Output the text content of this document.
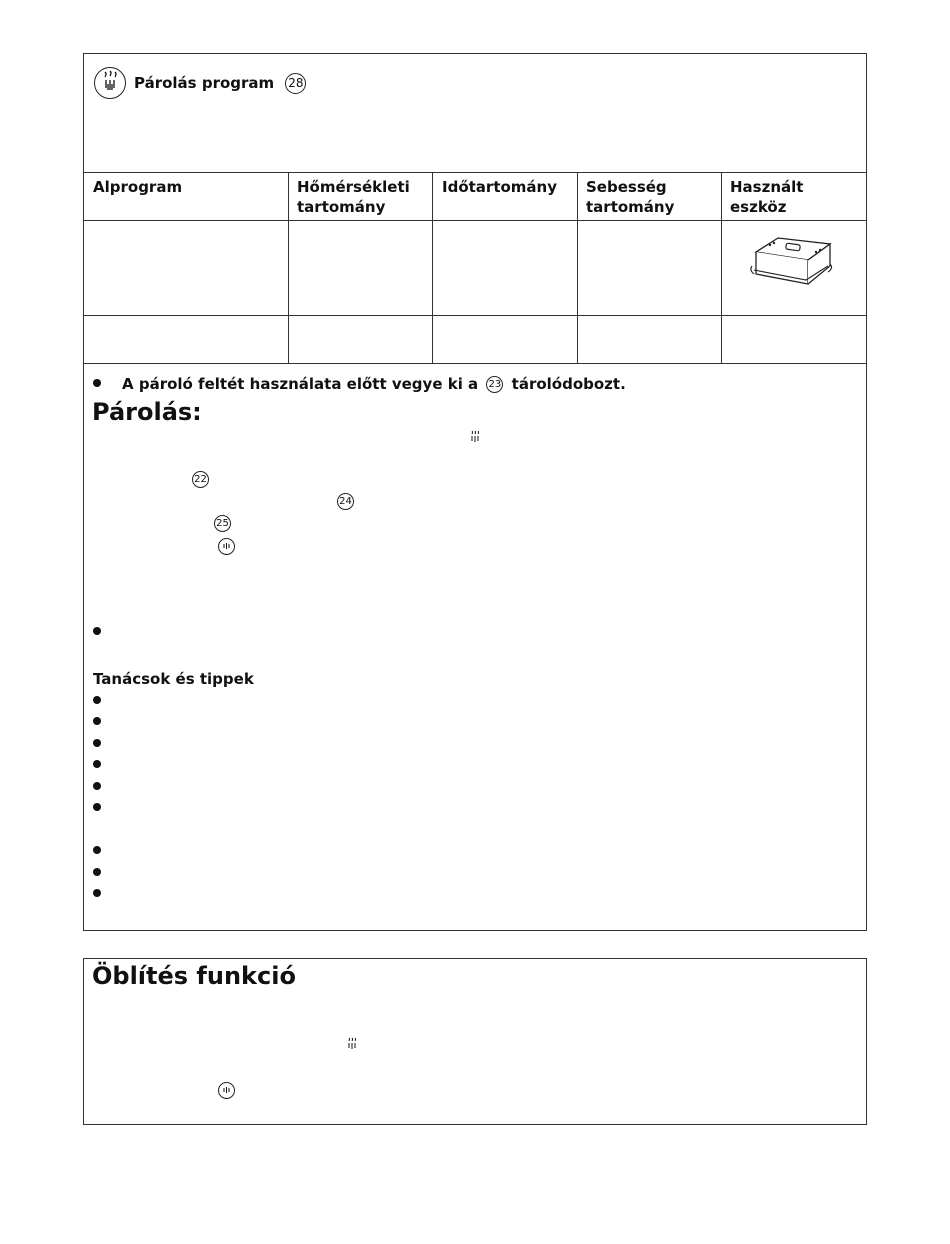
Párolás program 28
Alprogram	Hőmérsékleti
tartomány
Időtartomány Sebesség
tartomány
Használt
eszköz
A pároló feltét használata előtt vegye ki a 23 tárolódobozt.
Párolás:
22
24
25
Tanácsok és tippek
Öblítés funkció
